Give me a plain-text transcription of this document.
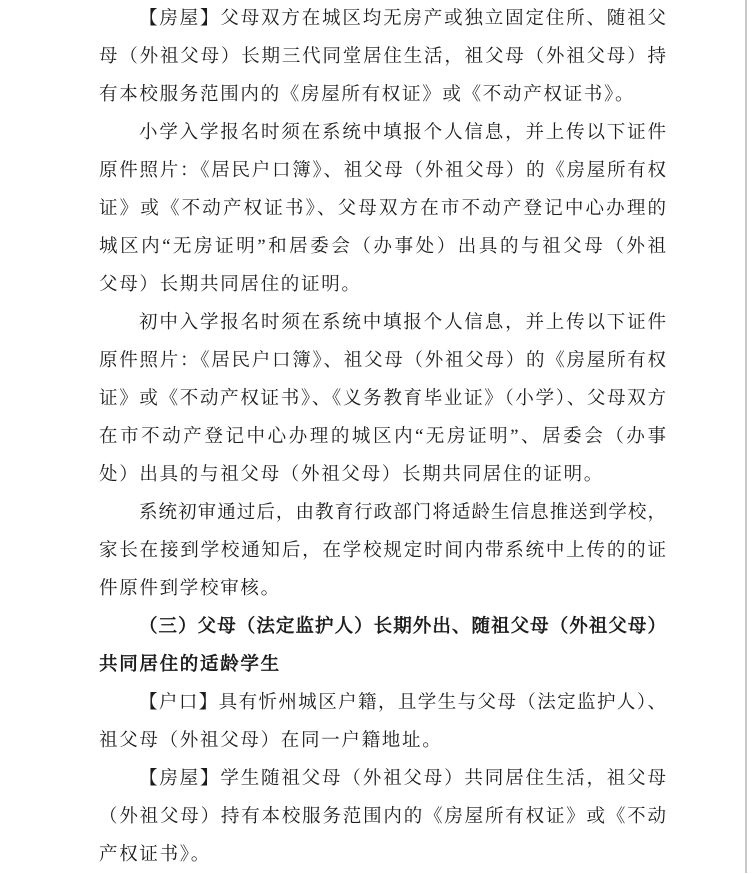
【房屋】父母双方在城区均无房产或独立固定住所、随祖父
母（外祖父母）长期三代同堂居住生活，祖父母（外祖父母）持
有本校服务范围内的《房屋所有权证》或《不动产权证书》。
小学入学报名时须在系统中填报个人信息，并上传以下证件
原件照片：《居民户口簿》、祖父母（外祖父母）的《房屋所有权
证》或《不动产权证书》、父母双方在市不动产登记中心办理的
城区内“无房证明”和居委会（办事处）出具的与祖父母（外祖
父母）长期共同居住的证明。
初中入学报名时须在系统中填报个人信息，并上传以下证件
原件照片：《居民户口簿》、祖父母（外祖父母）的《房屋所有权
证》或《不动产权证书》、《义务教育毕业证》（小学）、父母双方
在市不动产登记中心办理的城区内“无房证明”、居委会（办事
处）出具的与祖父母（外祖父母）长期共同居住的证明。
系统初审通过后，由教育行政部门将适龄生信息推送到学校，
家长在接到学校通知后，在学校规定时间内带系统中上传的的证
件原件到学校审核。
（三）父母（法定监护人）长期外出、随祖父母（外祖父母）
共同居住的适龄学生
【户口】具有忻州城区户籍，且学生与父母（法定监护人）、
祖父母（外祖父母）在同一户籍地址。
【房屋】学生随祖父母（外祖父母）共同居住生活，祖父母
（外祖父母）持有本校服务范围内的《房屋所有权证》或《不动
产权证书》。
